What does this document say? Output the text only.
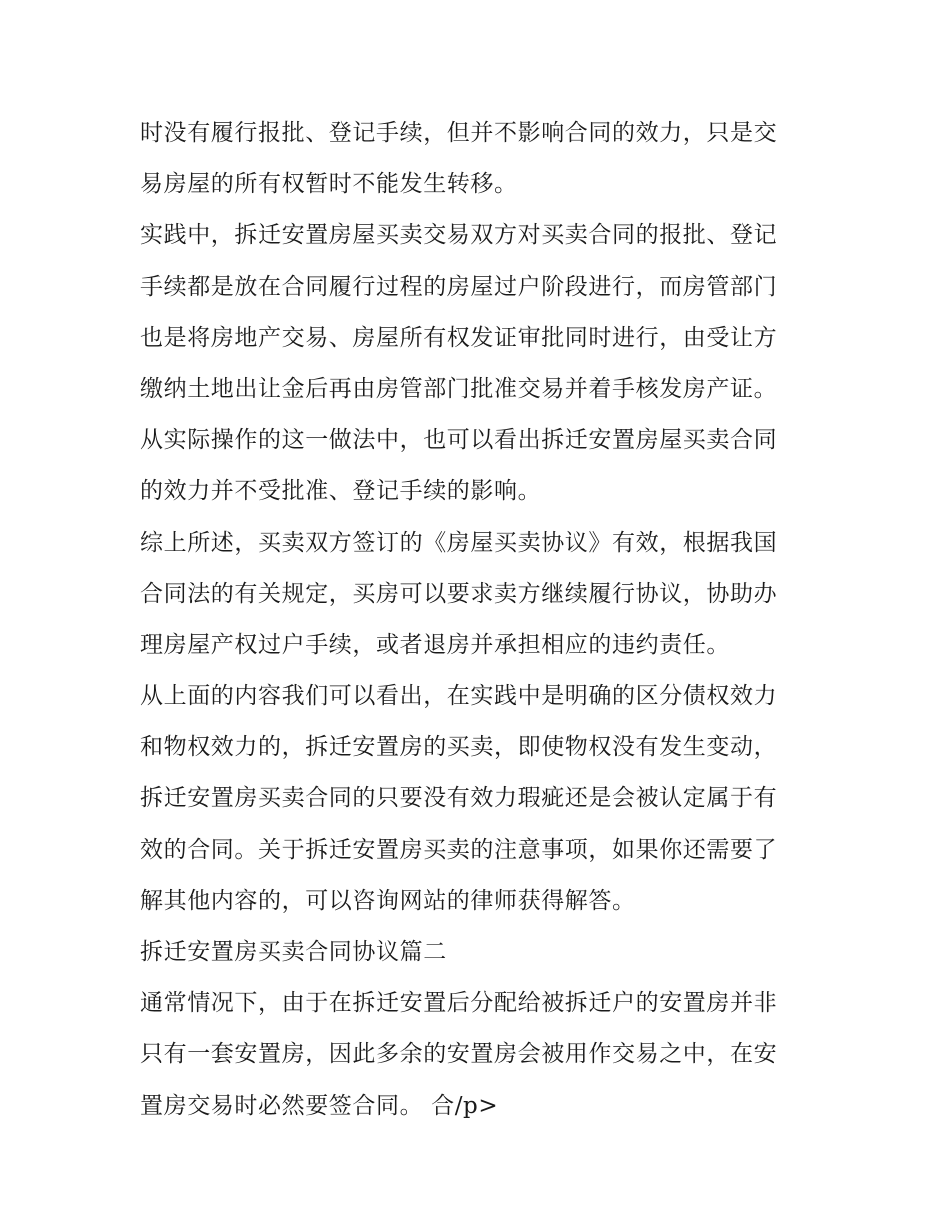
时没有履行报批、登记手续，但并不影响合同的效力，只是交
易房屋的所有权暂时不能发生转移。
实践中，拆迁安置房屋买卖交易双方对买卖合同的报批、登记
手续都是放在合同履行过程的房屋过户阶段进行，而房管部门
也是将房地产交易、房屋所有权发证审批同时进行，由受让方
缴纳土地出让金后再由房管部门批准交易并着手核发房产证。
从实际操作的这一做法中，也可以看出拆迁安置房屋买卖合同
的效力并不受批准、登记手续的影响。
综上所述，买卖双方签订的《房屋买卖协议》有效，根据我国
合同法的有关规定，买房可以要求卖方继续履行协议，协助办
理房屋产权过户手续，或者退房并承担相应的违约责任。
从上面的内容我们可以看出，在实践中是明确的区分债权效力
和物权效力的，拆迁安置房的买卖，即使物权没有发生变动，
拆迁安置房买卖合同的只要没有效力瑕疵还是会被认定属于有
效的合同。关于拆迁安置房买卖的注意事项，如果你还需要了
解其他内容的，可以咨询网站的律师获得解答。
拆迁安置房买卖合同协议篇二
通常情况下，由于在拆迁安置后分配给被拆迁户的安置房并非
只有一套安置房，因此多余的安置房会被用作交易之中，在安
置房交易时必然要签合同。 合/p>
